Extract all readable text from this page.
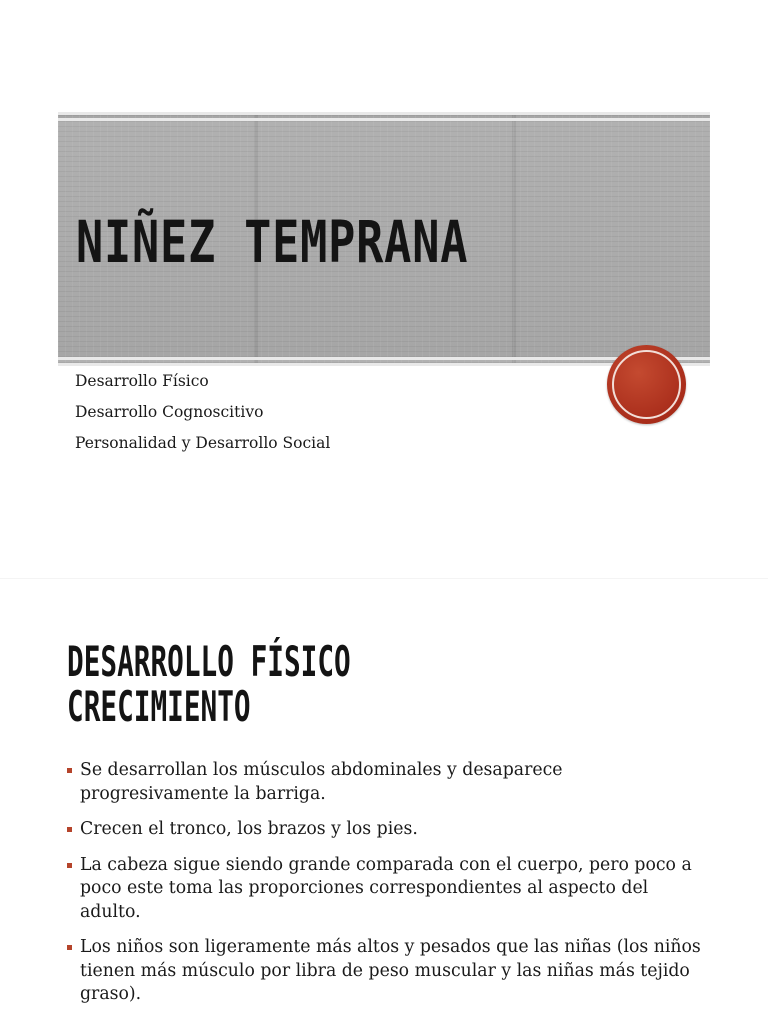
NIÑEZ TEMPRANA
Desarrollo Físico
Desarrollo Cognoscitivo
Personalidad y Desarrollo Social
DESARROLLO FÍSICO
CRECIMIENTO
Se desarrollan los músculos abdominales y desaparece progresivamente la barriga.
Crecen el tronco, los brazos y los pies.
La cabeza sigue siendo grande comparada con el cuerpo, pero poco a poco este toma las proporciones correspondientes al aspecto del adulto.
Los niños son ligeramente más altos y pesados que las niñas (los niños tienen más músculo por libra de peso muscular y las niñas más tejido graso).
